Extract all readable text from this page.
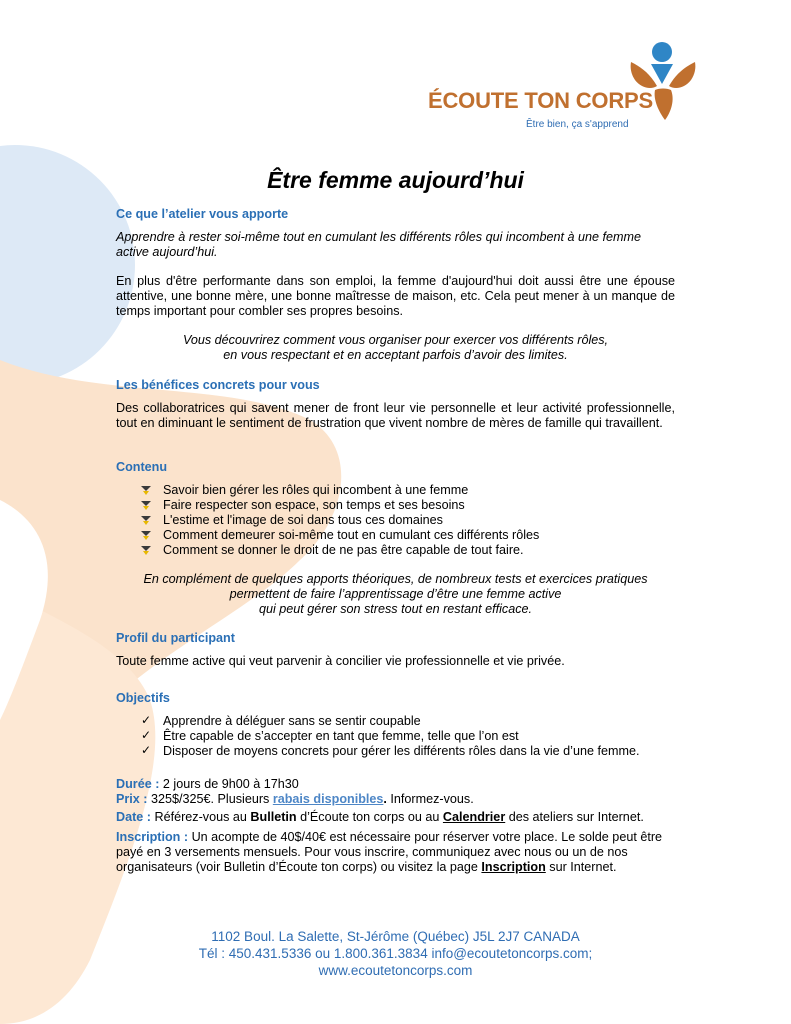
ÉCOUTE TON CORPS
Être bien, ça s'apprend
Être femme aujourd’hui
Ce que l’atelier vous apporte
Apprendre à rester soi-même tout en cumulant les différents rôles qui incombent à une femme active aujourd’hui.
En plus d'être performante dans son emploi, la femme d'aujourd'hui doit aussi être une épouse attentive, une bonne mère, une bonne maîtresse de maison, etc. Cela peut mener à un manque de temps important pour combler ses propres besoins.
Vous découvrirez comment vous organiser pour exercer vos différents rôles,
en vous respectant et en acceptant parfois d’avoir des limites.
Les bénéfices concrets pour vous
Des collaboratrices qui savent mener de front leur vie personnelle et leur activité professionnelle, tout en diminuant le sentiment de frustration que vivent nombre de mères de famille qui travaillent.
Contenu
Savoir bien gérer les rôles qui incombent à une femme
Faire respecter son espace, son temps et ses besoins
L'estime et l'image de soi dans tous ces domaines
Comment demeurer soi-même tout en cumulant ces différents rôles
Comment se donner le droit de ne pas être capable de tout faire.
En complément de quelques apports théoriques, de nombreux tests et exercices pratiques
permettent de faire l’apprentissage d’être une femme active
qui peut gérer son stress tout en restant efficace.
Profil du participant
Toute femme active qui veut parvenir à concilier vie professionnelle et vie privée.
Objectifs
✓ Apprendre à déléguer sans se sentir coupable
✓ Être capable de s’accepter en tant que femme, telle que l’on est
✓ Disposer de moyens concrets pour gérer les différents rôles dans la vie d’une femme.
Durée : 2 jours de 9h00 à 17h30
Prix : 325$/325€. Plusieurs rabais disponibles. Informez-vous.
Date : Référez-vous au Bulletin d’Écoute ton corps ou au Calendrier des ateliers sur Internet.
Inscription : Un acompte de 40$/40€ est nécessaire pour réserver votre place. Le solde peut être payé en 3 versements mensuels. Pour vous inscrire, communiquez avec nous ou un de nos organisateurs (voir Bulletin d’Écoute ton corps) ou visitez la page Inscription sur Internet.
1102 Boul. La Salette, St-Jérôme (Québec) J5L 2J7 CANADA
Tél : 450.431.5336 ou 1.800.361.3834 info@ecoutetoncorps.com;
www.ecoutetoncorps.com
